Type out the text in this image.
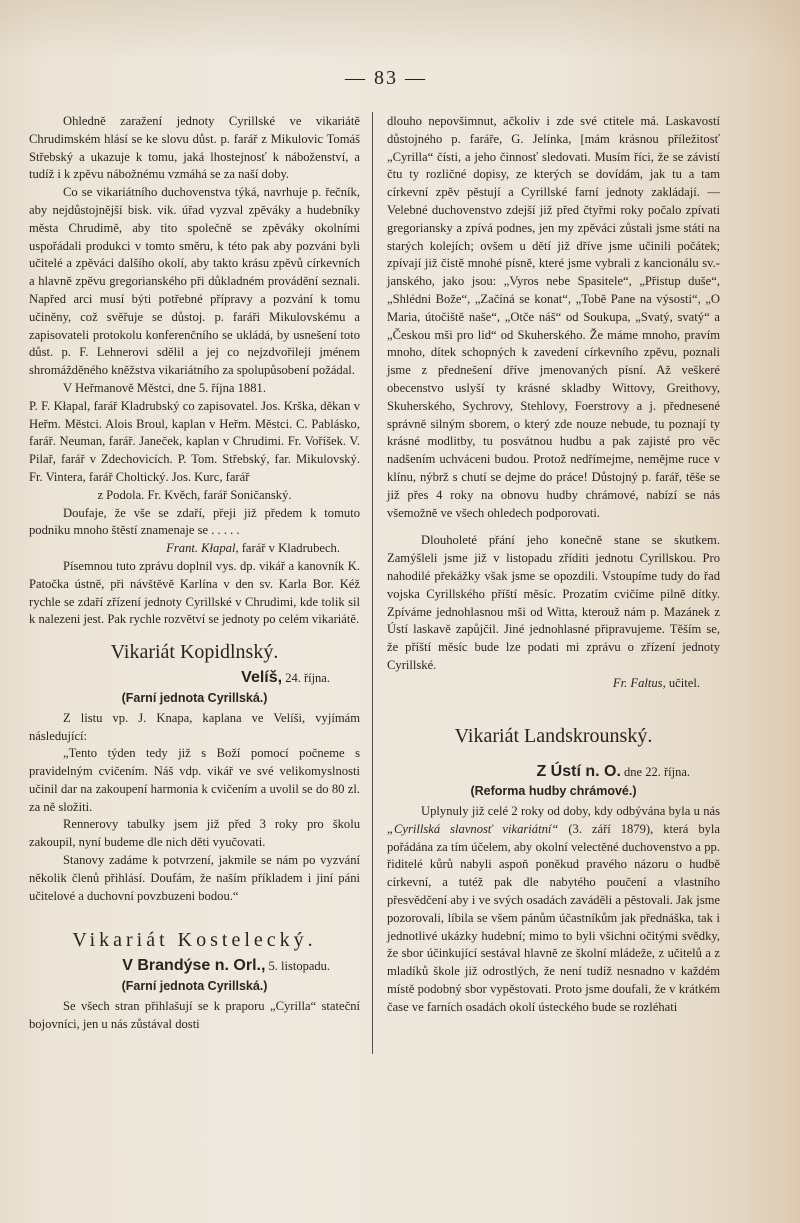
— 83 —

Ohledně zaražení jednoty Cyrillské ve vikariátě Chrudimském hlásí se ke slovu důst. p. farář z Mikulovic Tomáš Střebský a ukazuje k tomu, jaká lhostejnosť k náboženství, a tudíž i k zpěvu nábožnému vzmáhá se za naší doby.

Co se vikariátního duchovenstva týká, navrhuje p. řečník, aby nejdůstojnější bisk. vik. úřad vyzval zpěváky a hudebníky města Chrudimě, aby tito společně se zpěváky okolními uspořádali produkci v tomto směru, k této pak aby pozváni byli učitelé a zpěváci dalšího okolí, aby takto krásu zpěvů církevních a hlavně zpěvu gregorianského při důkladném provádění seznali. Napřed arci musí býti potřebné přípravy a pozvání k tomu učiněny, což svěřuje se důstoj. p. faráři Mikulovskému a zapisovateli protokolu konferenčního se ukládá, by usnešení toto důst. p. F. Lehnerovi sdělil a jej co nejzdvořileji jménem shromážděného kněžstva vikariátního za spolupůsobení požádal.

V Heřmanově Městci, dne 5. října 1881.

P. F. Kłapal, farář Kladrubský co zapisovatel. Jos. Krška, děkan v Heřm. Městci. Alois Broul, kaplan v Heřm. Městci. C. Pablásko, farář. Neuman, farář. Janeček, kaplan v Chrudimi. Fr. Voříšek. V. Pilař, farář v Zdechovicích. P. Tom. Střebský, far. Mikulovský. Fr. Vintera, farář Choltický. Jos. Kurc, farář

z Podola. Fr. Kvěch, farář Soničanský.

Doufaje, že vše se zdaří, přeji již předem k tomuto podniku mnoho štěstí znamenaje se . . . . .

Frant. Kłapal, farář v Kladrubech.

Písemnou tuto zprávu doplnil vys. dp. vikář a kanovník K. Patočka ústně, při návštěvě Karlína v den sv. Karla Bor. Kéž rychle se zdaří zřízení jednoty Cyrillské v Chrudimi, kde tolik sil k nalezeni jest. Pak rychle rozvětví se jednoty po celém vikariátě.

Vikariát Kopidlnský.

Velíš, 24. října.

(Farní jednota Cyrillská.)

Z listu vp. J. Knapa, kaplana ve Velíši, vyjímám následující:

„Tento týden tedy již s Boží pomocí počneme s pravidelným cvičením. Náš vdp. vikář ve své velikomyslnosti učinil dar na zakoupení harmonia k cvičením a uvolil se do 80 zl. za ně složiti.

Rennerovy tabulky jsem již před 3 roky pro školu zakoupil, nyní budeme dle nich děti vyučovati.

Stanovy zadáme k potvrzení, jakmile se nám po vyzvání několik členů přihlásí. Doufám, že naším příkladem i jiní páni učitelové a duchovní povzbuzeni bodou.“

Vikariát Kostelecký.

V Brandýse n. Orl., 5. listopadu.

(Farní jednota Cyrillská.)

Se všech stran přihlašují se k praporu „Cyrilla“ stateční bojovníci, jen u nás zůstával dosti

dlouho nepovšimnut, ačkoliv i zde své ctitele má. Laskavostí důstojného p. faráře, G. Jelínka, [mám krásnou příležitosť „Cyrilla“ čísti, a jeho činnosť sledovati. Musím říci, že se závistí čtu ty rozličné dopisy, ze kterých se dovídám, jak tu a tam církevní zpěv pěstují a Cyrillské farní jednoty zakládají. — Velebné duchovenstvo zdejší již před čtyřmi roky počalo zpívati gregoriansky a zpívá podnes, jen my zpěváci zůstali jsme státi na starých kolejích; ovšem u dětí již dříve jsme učinili počátek; zpívají již čistě mnohé písně, které jsme vybrali z kancionálu sv.-janského, jako jsou: „Vyros nebe Spasitele“, „Přistup duše“, „Shlédni Bože“, „Začíná se konat“, „Tobě Pane na výsosti“, „O Maria, útočiště naše“, „Otče náš“ od Soukupa, „Svatý, svatý“ a „Českou mši pro lid“ od Skuherského. Že máme mnoho, pravím mnoho, dítek schopných k zavedení církevního zpěvu, poznali jsme z přednešení dříve jmenovaných písní. Až veškeré obecenstvo uslyší ty krásné skladby Wittovy, Greithovy, Skuherského, Sychrovy, Stehlovy, Foerstrovy a j. přednesené správně silným sborem, o který zde nouze nebude, tu poznají ty krásné modlitby, tu posvátnou hudbu a pak zajisté pro věc nadšením uchváceni budou. Protož nedřímejme, nemějme ruce v klínu, nýbrž s chutí se dejme do práce! Důstojný p. farář, těše se již přes 4 roky na obnovu hudby chrámové, nabízí se nás všemožně ve všech ohledech podporovati.

Dlouholeté přání jeho konečně stane se skutkem. Zamýšleli jsme již v listopadu zříditi jednotu Cyrillskou. Pro nahodilé překážky však jsme se opozdili. Vstoupíme tudy do řad vojska Cyrillského příští měsíc. Prozatím cvičíme pilně dítky. Zpíváme jednohlasnou mši od Witta, kterouž nám p. Mazánek z Ústí laskavě zapůjčil. Jiné jednohlasné připravujeme. Těším se, že příští měsíc bude lze podati mi zprávu o zřízení jednoty Cyrillské.

Fr. Faltus, učitel.

Vikariát Landskrounský.

Z Ústí n. O. dne 22. října.

(Reforma hudby chrámové.)

Uplynuly již celé 2 roky od doby, kdy odbývána byla u nás „Cyrillská slavnosť vikariátní“ (3. září 1879), která byla pořádána za tím účelem, aby okolní velectěné duchovenstvo a pp. řiditelé kůrů nabyli aspoň poněkud pravého názoru o hudbě církevní, a tutéž pak dle nabytého poučení a vlastního přesvědčení aby i ve svých osadách zaváděli a pěstovali. Jak jsme pozorovali, líbila se všem pánům účastníkům jak přednáška, tak i jednotlivé ukázky hudební; mimo to byli všichni očitými svědky, že sbor účinkující sestával hlavně ze školní mládeže, z učitelů a z mladíků škole již odrostlých, že není tudíž nesnadno v každém místě podobný sbor vypěstovati. Proto jsme doufali, že v krátkém čase ve farních osadách okolí ústeckého bude se rozléhati
